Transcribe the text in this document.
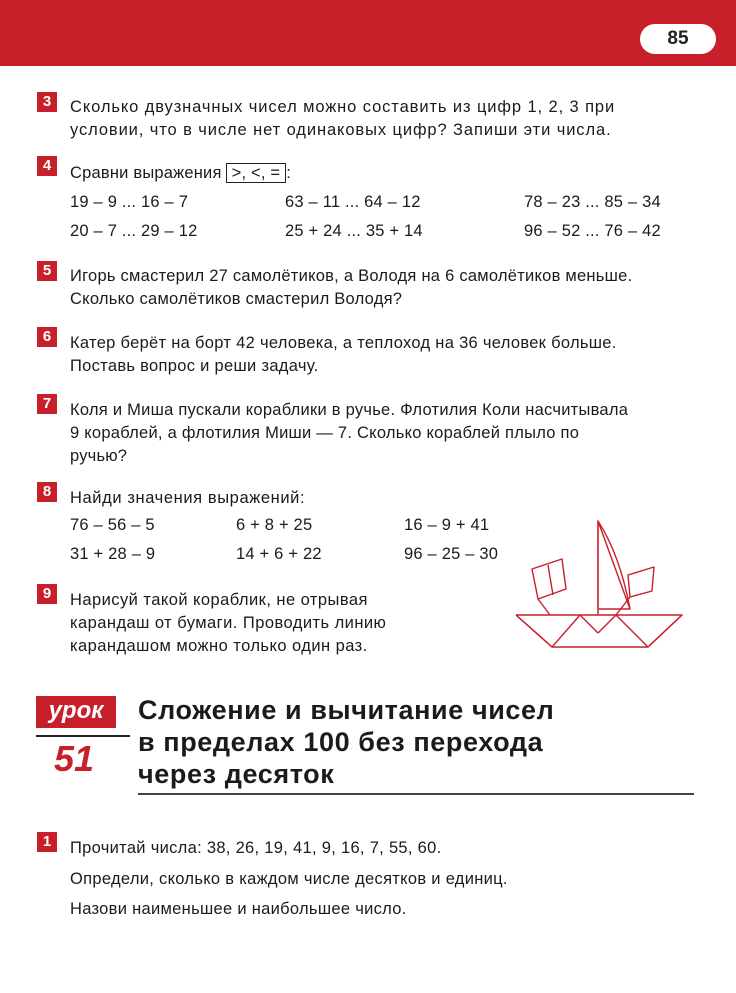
85
3	Сколько двузначных чисел можно составить из цифр 1, 2, 3 при
условии, что в числе нет одинаковых цифр? Запиши эти числа.
4	Сравни выражения >, <, = :
19 – 9 ... 16 – 7	63 – 11 ... 64 – 12	78 – 23 ... 85 – 34
20 – 7 ... 29 – 12	25 + 24 ... 35 + 14	96 – 52 ... 76 – 42
5	Игорь смастерил 27 самолётиков, а Володя на 6 самолётиков меньше.
Сколько самолётиков смастерил Володя?
6	Катер берёт на борт 42 человека, а теплоход на 36 человек больше.
Поставь вопрос и реши задачу.
7	Коля и Миша пускали кораблики в ручье. Флотилия Коли насчитывала
9 кораблей, а флотилия Миши — 7. Сколько кораблей плыло по
ручью?
8	Найди значения выражений:
76 – 56 – 5	6 + 8 + 25	16 – 9 + 41
31 + 28 – 9	14 + 6 + 22	96 – 25 – 30
9	Нарисуй такой кораблик, не отрывая
карандаш от бумаги. Проводить линию
карандашом можно только один раз.
урок
51
Сложение и вычитание чисел
в пределах 100 без перехода
через десяток
1	Прочитай числа: 38, 26, 19, 41, 9, 16, 7, 55, 60.
Определи, сколько в каждом числе десятков и единиц.
Назови наименьшее и наибольшее число.
